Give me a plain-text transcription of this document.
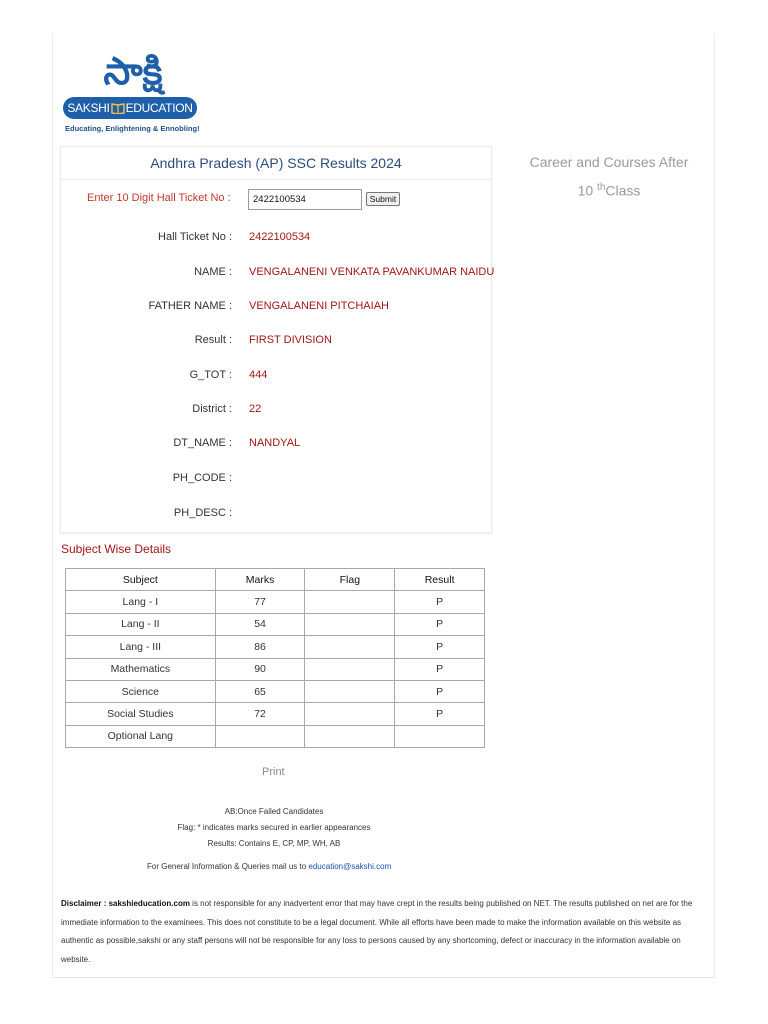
సాక్షి
SAKSHI EDUCATION
Educating, Enlightening & Ennobling!
Andhra Pradesh (AP) SSC Results 2024
Enter 10 Digit Hall Ticket No :
2422100534	Submit
Hall Ticket No : 2422100534
NAME : VENGALANENI VENKATA PAVANKUMAR NAIDU
FATHER NAME : VENGALANENI PITCHAIAH
Result : FIRST DIVISION
G_TOT : 444
District : 22
DT_NAME : NANDYAL
PH_CODE :
PH_DESC :
Subject Wise Details
Subject	Marks	Flag	Result
Lang - I	77		P
Lang - II	54		P
Lang - III	86		P
Mathematics	90		P
Science	65		P
Social Studies	72		P
Optional Lang			
Print
AB:Once Failed Candidates
Flag: * indicates marks secured in earlier appearances
Results: Contains E, CP, MP, WH, AB
For General Information & Queries mail us to education@sakshi.com
Disclaimer : sakshieducation.com is not responsible for any inadvertent error that may have crept in the results being published on NET. The results published on net are for the immediate information to the examinees. This does not constitute to be a legal document. While all efforts have been made to make the information available on this website as authentic as possible,sakshi or any staff persons will not be responsible for any loss to persons caused by any shortcoming, defect or inaccuracy in the information available on website.
Career and Courses After
10 $^{th}$Class
